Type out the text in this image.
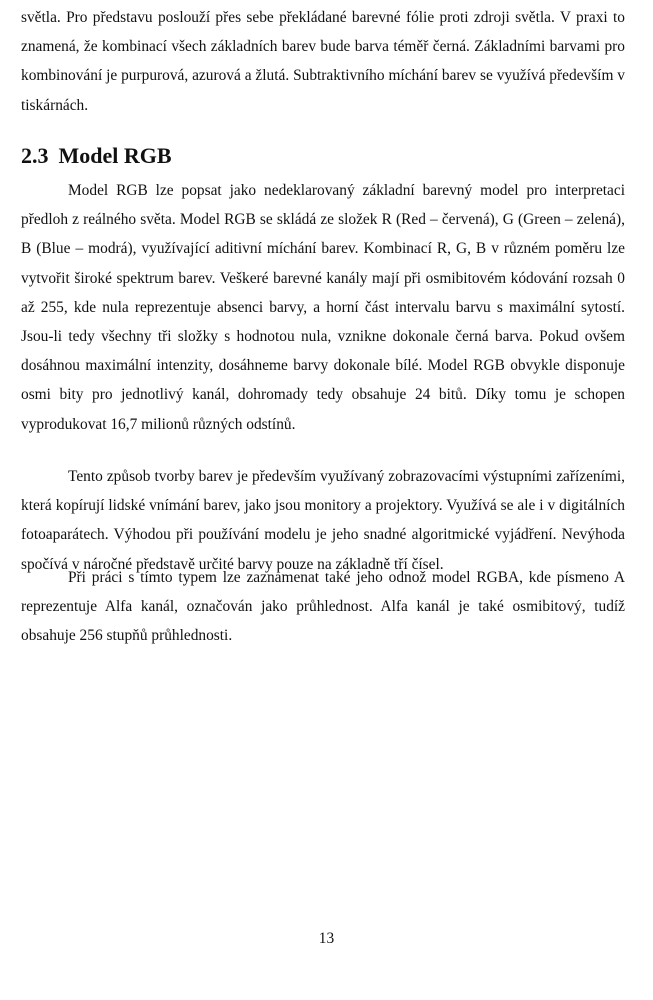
světla. Pro představu poslouží přes sebe překládané barevné fólie proti zdroji světla. V praxi to znamená, že kombinací všech základních barev bude barva téměř černá. Základními barvami pro kombinování je purpurová, azurová a žlutá. Subtraktivního míchání barev se využívá především v tiskárnách.

2.3 Model RGB

Model RGB lze popsat jako nedeklarovaný základní barevný model pro interpretaci předloh z reálného světa. Model RGB se skládá ze složek R (Red – červená), G (Green – zelená), B (Blue – modrá), využívající aditivní míchání barev. Kombinací R, G, B v různém poměru lze vytvořit široké spektrum barev. Veškeré barevné kanály mají při osmibitovém kódování rozsah 0 až 255, kde nula reprezentuje absenci barvy, a horní část intervalu barvu s maximální sytostí. Jsou-li tedy všechny tři složky s hodnotou nula, vznikne dokonale černá barva. Pokud ovšem dosáhnou maximální intenzity, dosáhneme barvy dokonale bílé. Model RGB obvykle disponuje osmi bity pro jednotlivý kanál, dohromady tedy obsahuje 24 bitů. Díky tomu je schopen vyprodukovat 16,7 milionů různých odstínů.

Tento způsob tvorby barev je především využívaný zobrazovacími výstupními zařízeními, která kopírují lidské vnímání barev, jako jsou monitory a projektory. Využívá se ale i v digitálních fotoaparátech. Výhodou při používání modelu je jeho snadné algoritmické vyjádření. Nevýhoda spočívá v náročné představě určité barvy pouze na základně tří čísel.

Při práci s tímto typem lze zaznamenat také jeho odnož model RGBA, kde písmeno A reprezentuje Alfa kanál, označován jako průhlednost. Alfa kanál je také osmibitový, tudíž obsahuje 256 stupňů průhlednosti.

13
